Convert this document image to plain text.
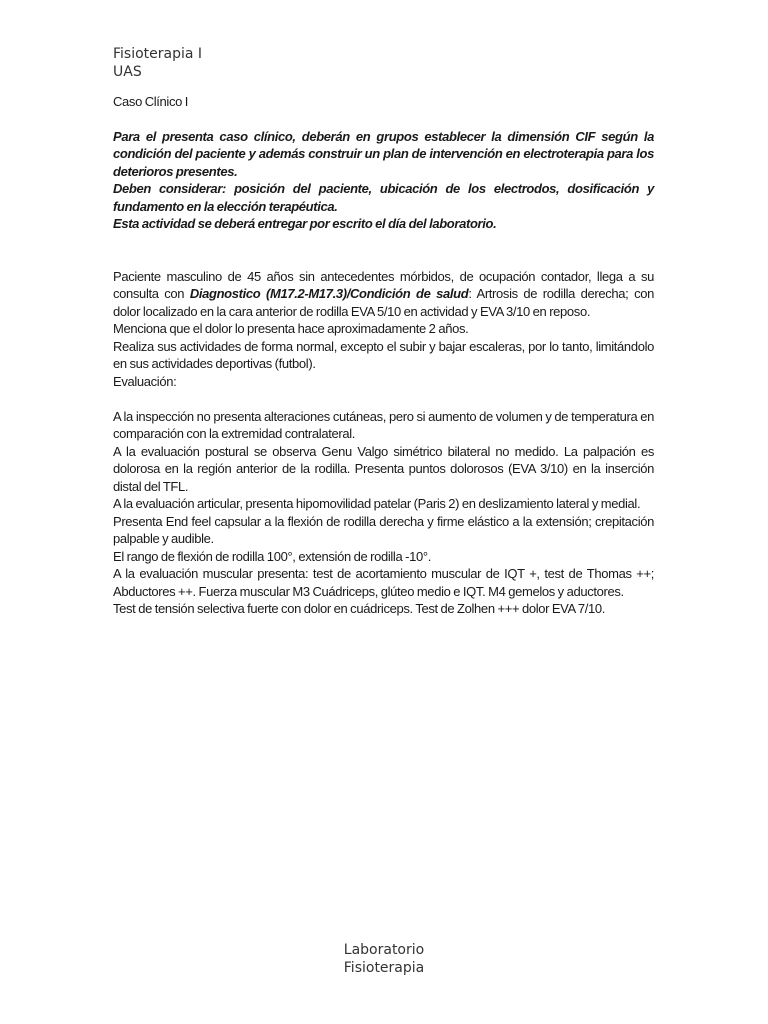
Fisioterapia I
UAS
Caso Clínico I

Para el presenta caso clínico, deberán en grupos establecer la dimensión CIF según la condición del paciente y además construir un plan de intervención en electroterapia para los deterioros presentes.

Deben considerar: posición del paciente, ubicación de los electrodos, dosificación y fundamento en la elección terapéutica.

Esta actividad se deberá entregar por escrito el día del laboratorio.

Paciente masculino de 45 años sin antecedentes mórbidos, de ocupación contador, llega a su consulta con Diagnostico (M17.2-M17.3)/Condición de salud: Artrosis de rodilla derecha; con dolor localizado en la cara anterior de rodilla EVA 5/10 en actividad y EVA 3/10 en reposo.

Menciona que el dolor lo presenta hace aproximadamente 2 años.

Realiza sus actividades de forma normal, excepto el subir y bajar escaleras, por lo tanto, limitándolo en sus actividades deportivas (futbol).

Evaluación:

A la inspección no presenta alteraciones cutáneas, pero si aumento de volumen y de temperatura en comparación con la extremidad contralateral.

A la evaluación postural se observa Genu Valgo simétrico bilateral no medido. La palpación es dolorosa en la región anterior de la rodilla. Presenta puntos dolorosos (EVA 3/10) en la inserción distal del TFL.

A la evaluación articular, presenta hipomovilidad patelar (Paris 2) en deslizamiento lateral y medial.

Presenta End feel capsular a la flexión de rodilla derecha y firme elástico a la extensión; crepitación palpable y audible.

El rango de flexión de rodilla 100°, extensión de rodilla -10°.

A la evaluación muscular presenta: test de acortamiento muscular de IQT +, test de Thomas ++; Abductores ++. Fuerza muscular M3 Cuádriceps, glúteo medio e IQT. M4 gemelos y aductores.

Test de tensión selectiva fuerte con dolor en cuádriceps. Test de Zolhen +++ dolor EVA 7/10.

Laboratorio
Fisioterapia
